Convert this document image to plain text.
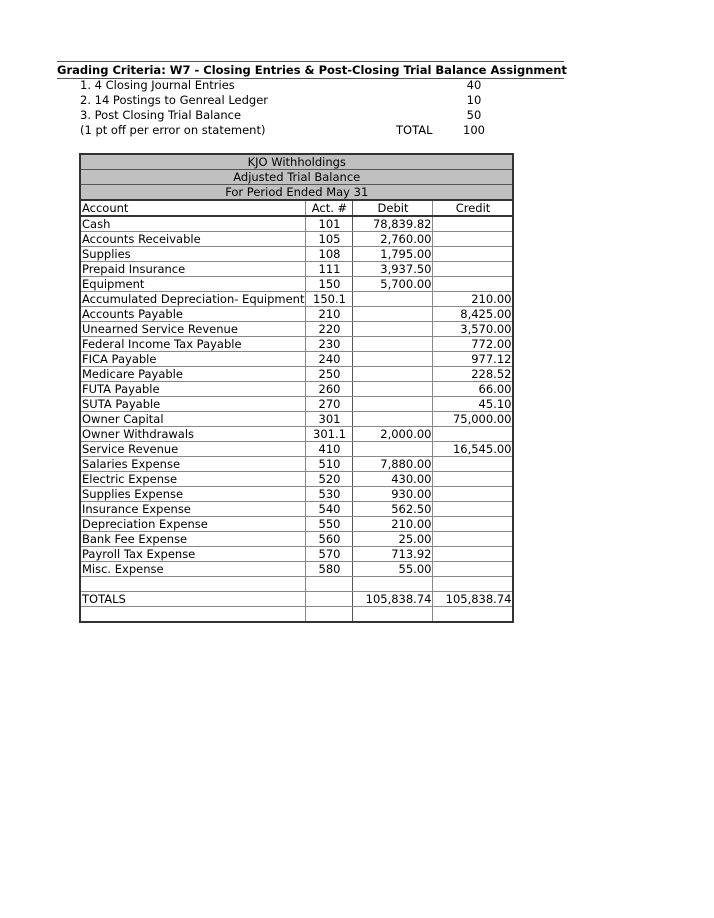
Grading Criteria: W7 - Closing Entries & Post-Closing Trial Balance Assignment
1. 4 Closing Journal Entries	40
2. 14 Postings to Genreal Ledger	10
3. Post Closing Trial Balance	50
(1 pt off per error on statement)	TOTAL	100
KJO Withholdings			
Adjusted Trial Balance			
For Period Ended May 31			
Account	Act. #	Debit	Credit
Cash	101	78,839.82	
Accounts Receivable	105	2,760.00	
Supplies	108	1,795.00	
Prepaid Insurance	111	3,937.50	
Equipment	150	5,700.00	
Accumulated Depreciation- Equipment	150.1		210.00
Accounts Payable	210		8,425.00
Unearned Service Revenue	220		3,570.00
Federal Income Tax Payable	230		772.00
FICA Payable	240		977.12
Medicare Payable	250		228.52
FUTA Payable	260		66.00
SUTA Payable	270		45.10
Owner Capital	301		75,000.00
Owner Withdrawals	301.1	2,000.00	
Service Revenue	410		16,545.00
Salaries Expense	510	7,880.00	
Electric Expense	520	430.00	
Supplies Expense	530	930.00	
Insurance Expense	540	562.50	
Depreciation Expense	550	210.00	
Bank Fee Expense	560	25.00	
Payroll Tax Expense	570	713.92	
Misc. Expense	580	55.00	

TOTALS		105,838.74	105,838.74
